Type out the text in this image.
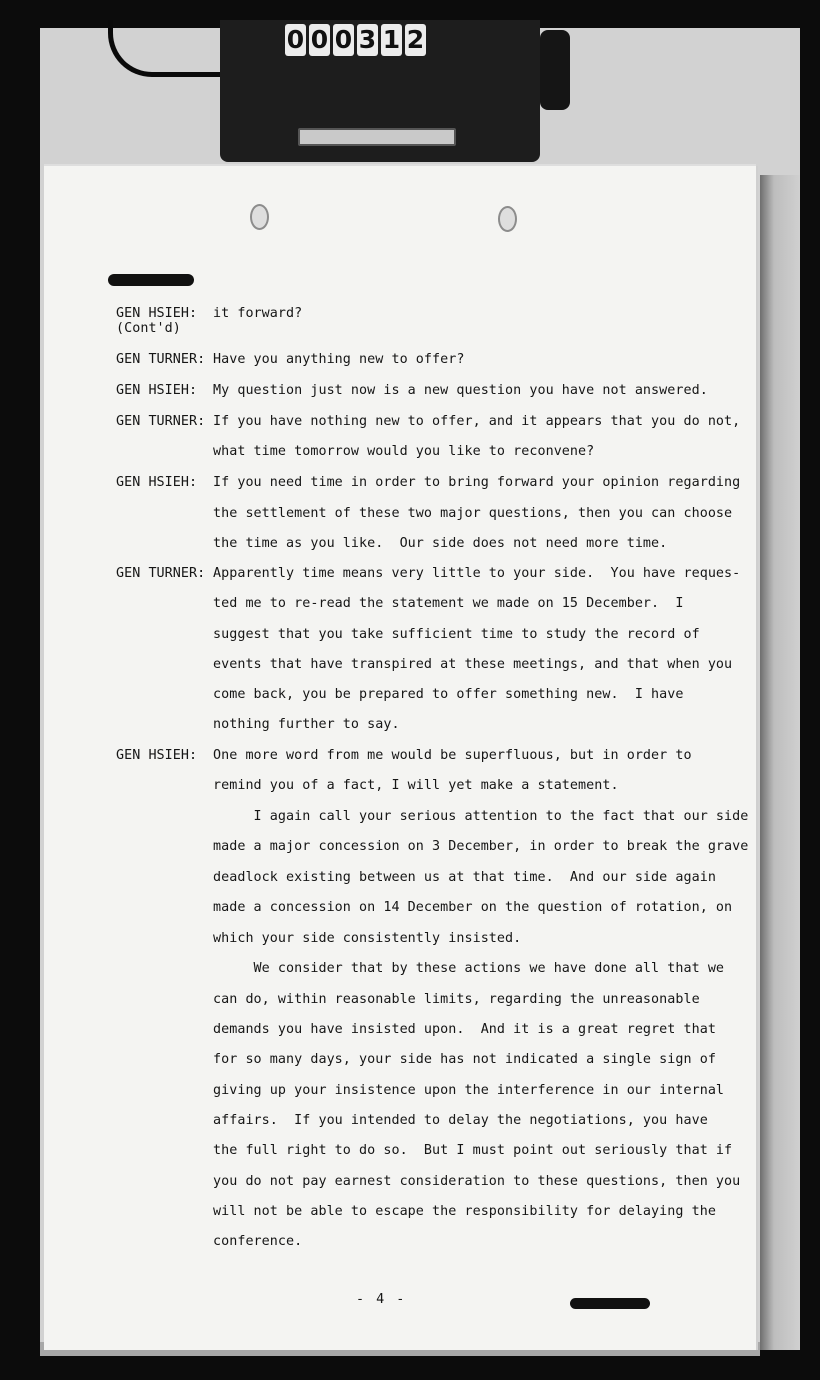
0 0 0 3 1 2
GEN HSIEH: it forward?
(Cont'd)
GEN TURNER: Have you anything new to offer?
GEN HSIEH: My question just now is a new question you have not answered.
GEN TURNER: If you have nothing new to offer, and it appears that you do not,
what time tomorrow would you like to reconvene?
GEN HSIEH: If you need time in order to bring forward your opinion regarding
the settlement of these two major questions, then you can choose
the time as you like.  Our side does not need more time.
GEN TURNER: Apparently time means very little to your side.  You have reques-
ted me to re-read the statement we made on 15 December.  I
suggest that you take sufficient time to study the record of
events that have transpired at these meetings, and that when you
come back, you be prepared to offer something new.  I have
nothing further to say.
GEN HSIEH: One more word from me would be superfluous, but in order to
remind you of a fact, I will yet make a statement.
I again call your serious attention to the fact that our side
made a major concession on 3 December, in order to break the grave
deadlock existing between us at that time.  And our side again
made a concession on 14 December on the question of rotation, on
which your side consistently insisted.
We consider that by these actions we have done all that we
can do, within reasonable limits, regarding the unreasonable
demands you have insisted upon.  And it is a great regret that
for so many days, your side has not indicated a single sign of
giving up your insistence upon the interference in our internal
affairs.  If you intended to delay the negotiations, you have
the full right to do so.  But I must point out seriously that if
you do not pay earnest consideration to these questions, then you
will not be able to escape the responsibility for delaying the
conference.
- 4 -
